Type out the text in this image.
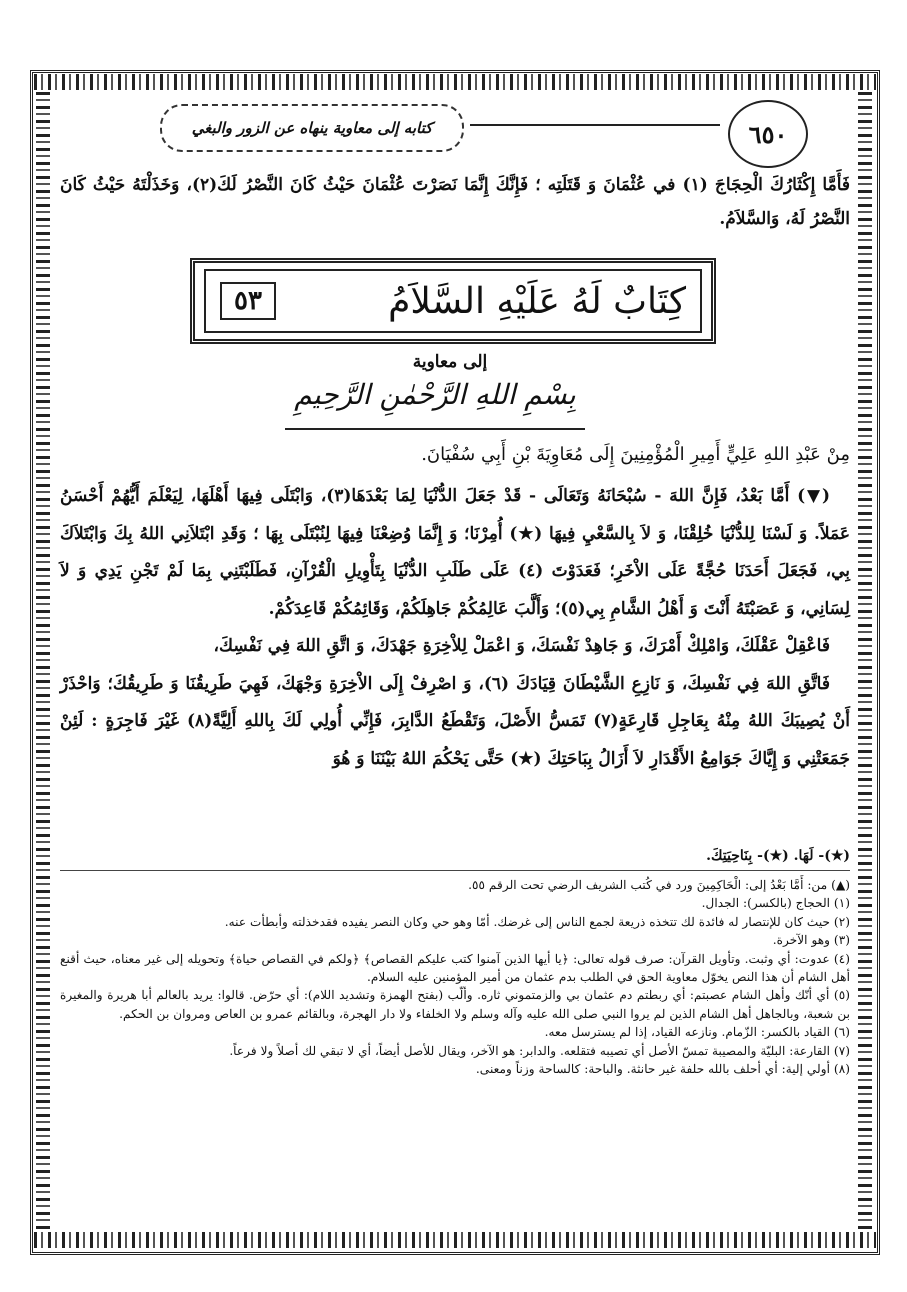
٦٥٠
كتابه إلى معاوية ينهاه عن الزور والبغي
فَأَمَّا إِكْثَارُكَ الْحِجَاجَ (١) في عُثْمَانَ وَ قَتَلَتِه ؛ فَإِنَّكَ إِنَّمَا نَصَرْتَ عُثْمَانَ حَيْثُ كَانَ النَّصْرُ لَكَ(٢)، وَخَذَلْتَهُ حَيْثُ كَانَ النَّصْرُ لَهُ، وَالسَّلاَمُ.
كِتَابٌ لَهُ عَلَيْهِ السَّلاَمُ
٥٣
إلى معاوية
بِسْمِ اللهِ الرَّحْمٰنِ الرَّحِيمِ
مِنْ عَبْدِ اللهِ عَلِيٍّ أَمِيرِ الْمُؤْمِنِينَ إِلَى مُعَاوِيَةَ بْنِ أَبِي سُفْيَانَ.

(▼) أَمَّا بَعْدُ، فَإِنَّ اللهَ - سُبْحَانَهُ وَتَعَالَى - قَدْ جَعَلَ الدُّنْيَا لِمَا بَعْدَهَا(٣)، وَابْتَلَى فِيهَا أَهْلَهَا، لِيَعْلَمَ أَيُّهُمْ أَحْسَنُ عَمَلاً. وَ لَسْنَا لِلدُّنْيَا خُلِقْنَا، وَ لاَ بِالسَّعْيِ فِيهَا (★) أُمِرْنَا؛ وَ إِنَّمَا وُضِعْنَا فِيهَا لِنُبْتَلَى بِهَا ؛ وَقَدِ ابْتَلاَنِي اللهُ بِكَ وَابْتَلاَكَ بِي، فَجَعَلَ أَحَدَنَا حُجَّةً عَلَى الاْخَرِ؛ فَعَدَوْتَ (٤) عَلَى طَلَبِ الدُّنْيَا بِتَأْوِيلِ الْقُرْآنِ، فَطَلَبْتَنِي بِمَا لَمْ تَجْنِ يَدِي وَ لاَ لِسَانِي، وَ عَصَبْتَهُ أَنْتَ وَ أَهْلُ الشَّامِ بِي(٥)؛ وَأَلَّبَ عَالِمُكُمْ جَاهِلَكُمْ، وَقَائِمُكُمْ قَاعِدَكُمْ.

فَاعْقِلْ عَقْلَكَ، وَامْلِكْ أَمْرَكَ، وَ جَاهِدْ نَفْسَكَ، وَ اعْمَلْ لِلاْخِرَةِ جَهْدَكَ، وَ اتَّقِ اللهَ فِي نَفْسِكَ،

فَاتَّقِ اللهَ فِي نَفْسِكَ، وَ نَازِعِ الشَّيْطَانَ قِيَادَكَ (٦)، وَ اصْرِفْ إِلَى الاْخِرَةِ وَجْهَكَ، فَهِيَ طَرِيقُنَا وَ طَرِيقُكَ؛ وَاحْذَرْ أَنْ يُصِيبَكَ اللهُ مِنْهُ بِعَاجِلِ قَارِعَةٍ(٧) تَمَسُّ الأَصْلَ، وَتَقْطَعُ الدَّابِرَ، فَإِنِّي أُولِي لَكَ بِاللهِ أَلِيَّةً(٨) غَيْرَ فَاجِرَةٍ : لَئِنْ جَمَعَتْنِي وَ إِيَّاكَ جَوَامِعُ الأَقْدَارِ لاَ أَزَالُ بِبَاحَتِكَ (★) حَتَّى يَحْكُمَ اللهُ بَيْنَنَا وَ هُوَ

(★)- لَهَا. (★)- بِنَاحِيَتِكَ.
(▲) من: أَمَّا بَعْدُ إلى: الْحَاكِمِينَ ورد في كُتب الشريف الرضي تحت الرقم ٥٥.
(١) الحجاج (بالكسر): الجدال.
(٢) حيث كان للإنتصار له فائدة لك تتخذه ذريعة لجمع الناس إلى غرضك. أمّا وهو حي وكان النصر يفيده فقدخذلته وأبطأت عنه.
(٣) وهو الآخرة.
(٤) عدوت: أي وثبت. وتأويل القرآن: صرف قوله تعالى: ﴿يا أيها الذين آمنوا كتب عليكم القصاص﴾ ﴿ولكم في القصاص حياة﴾ وتحويله إلى غير معناه، حيث أقنع أهل الشام أن هذا النص يخوّل معاوية الحق في الطلب بدم عثمان من أمير المؤمنين عليه السلام.
(٥) أي أنّك وأهل الشام عصبتم: أي ربطتم دم عثمان بي والزمتموني ثاره. وألّب (بفتح الهمزة وتشديد اللام): أي حرّض. قالوا: يريد بالعالم أبا هريرة والمغيرة بن شعبة، وبالجاهل أهل الشام الذين لم يروا النبي صلى الله عليه وآله وسلم ولا الخلفاء ولا دار الهجرة، وبالقائم عمرو بن العاص ومروان بن الحكم.
(٦) القياد بالكسر: الزّمام. ونازعه القياد، إذا لم يسترسل معه.
(٧) القارعة: البليّة والمصيبة تمسّ الأصل أي تصيبه فتقلعه. والدابر: هو الآخر، ويقال للأصل أيضاً، أي لا تبقي لك أصلاً ولا فرعاً.
(٨) أولي إلية: أي أحلف بالله حلفة غير حانثة. والباحة: كالساحة وزناً ومعنى.
